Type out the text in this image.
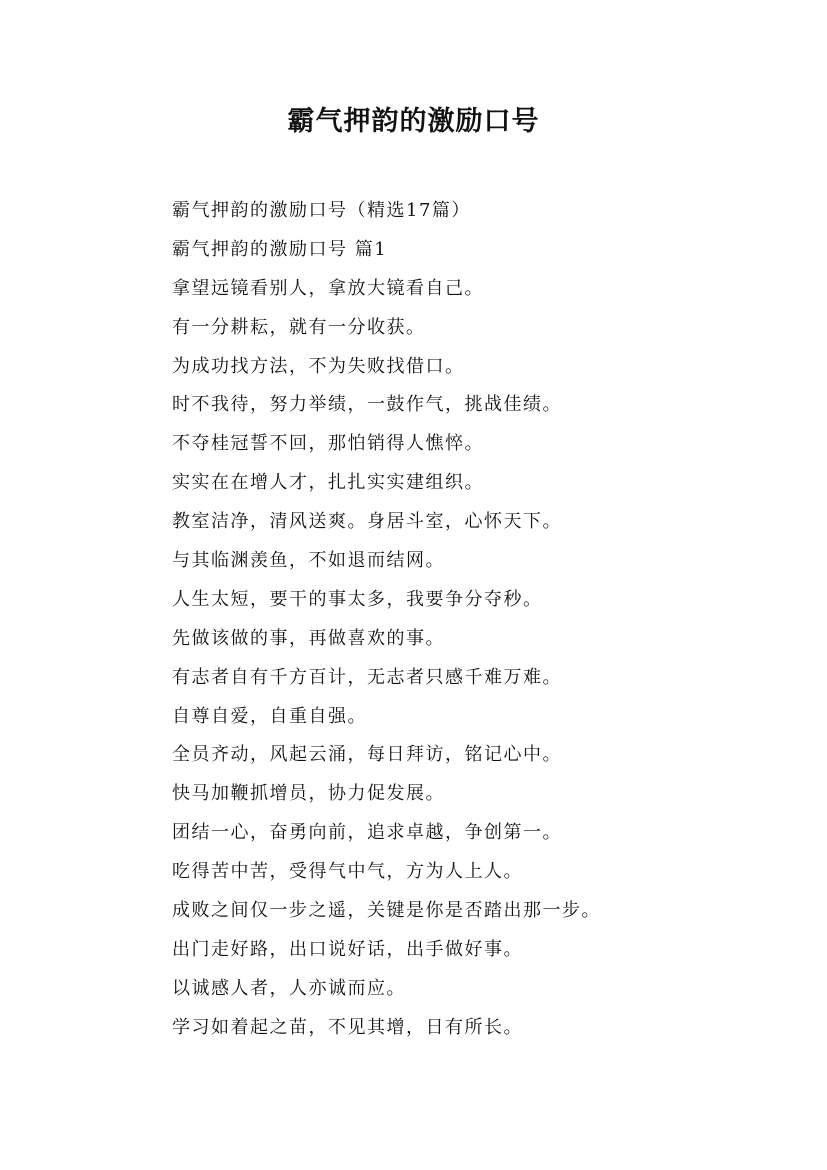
霸气押韵的激励口号
霸气押韵的激励口号（精选17篇）
霸气押韵的激励口号 篇1
拿望远镜看别人，拿放大镜看自己。
有一分耕耘，就有一分收获。
为成功找方法，不为失败找借口。
时不我待，努力举绩，一鼓作气，挑战佳绩。
不夺桂冠誓不回，那怕销得人憔悴。
实实在在增人才，扎扎实实建组织。
教室洁净，清风送爽。身居斗室，心怀天下。
与其临渊羡鱼，不如退而结网。
人生太短，要干的事太多，我要争分夺秒。
先做该做的事，再做喜欢的事。
有志者自有千方百计，无志者只感千难万难。
自尊自爱，自重自强。
全员齐动，风起云涌，每日拜访，铭记心中。
快马加鞭抓增员，协力促发展。
团结一心，奋勇向前，追求卓越，争创第一。
吃得苦中苦，受得气中气，方为人上人。
成败之间仅一步之遥，关键是你是否踏出那一步。
出门走好路，出口说好话，出手做好事。
以诚感人者，人亦诚而应。
学习如着起之苗，不见其增，日有所长。
